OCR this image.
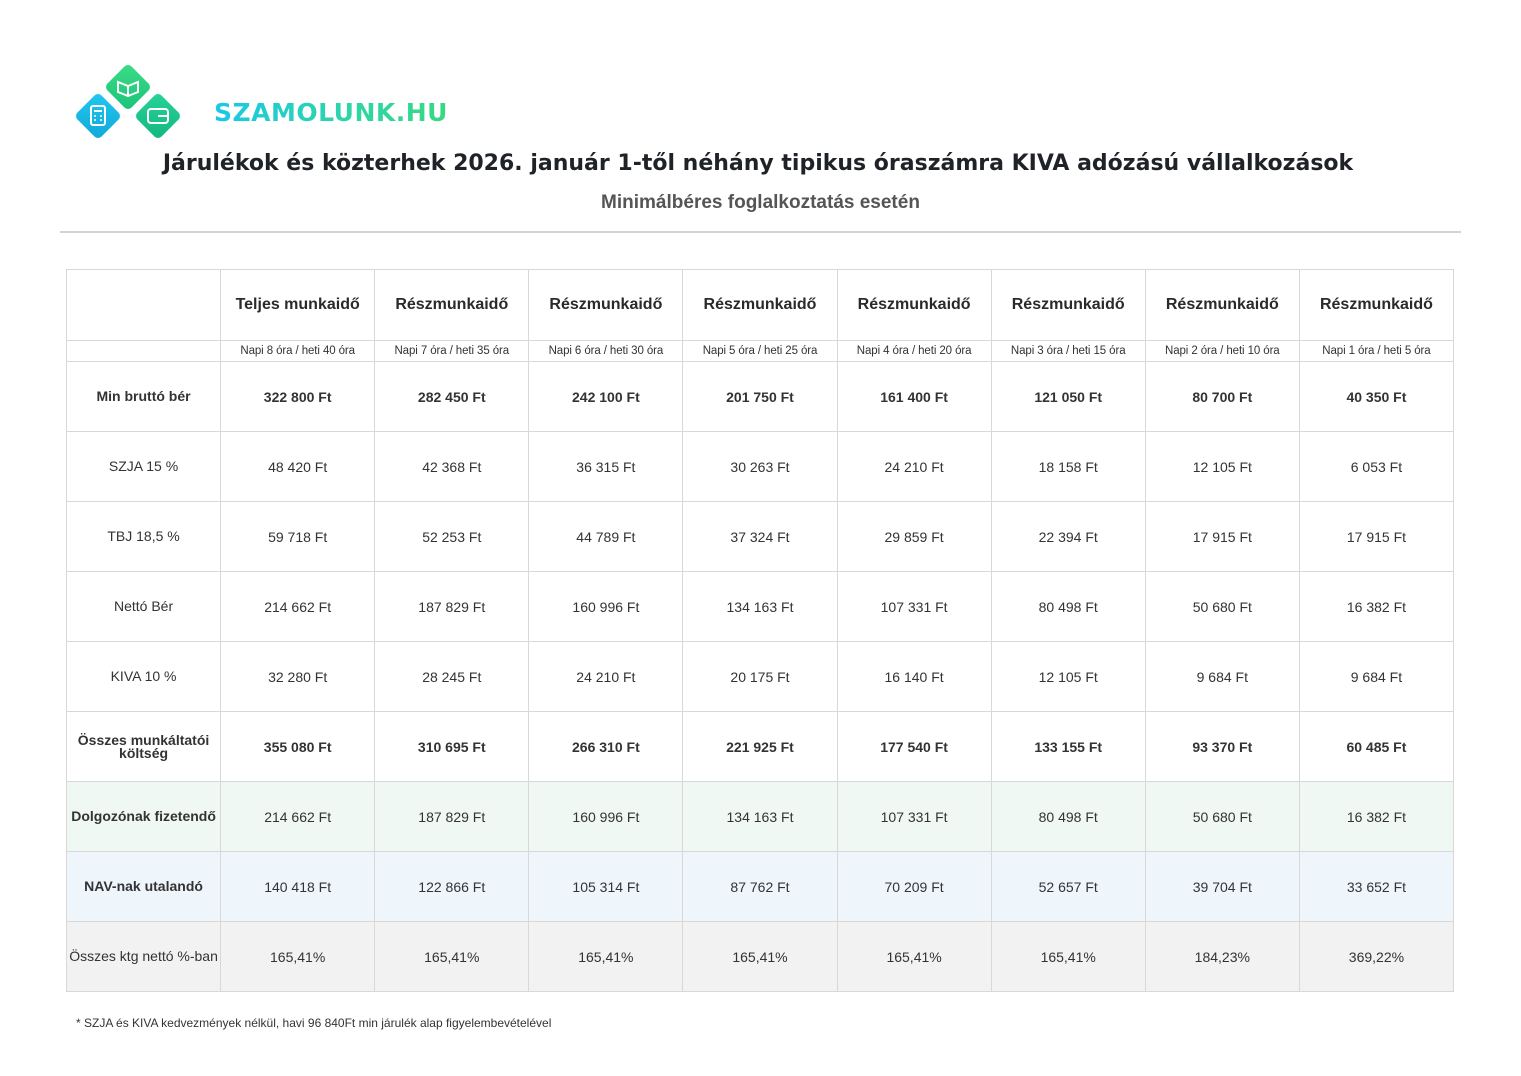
SZAMOLUNK.HU
Járulékok és közterhek 2026. január 1-től néhány tipikus óraszámra KIVA adózású vállalkozások
Minimálbéres foglalkoztatás esetén
	Teljes munkaidő	Részmunkaidő	Részmunkaidő	Részmunkaidő	Részmunkaidő	Részmunkaidő	Részmunkaidő	Részmunkaidő
	Napi 8 óra / heti 40 óra	Napi 7 óra / heti 35 óra	Napi 6 óra / heti 30 óra	Napi 5 óra / heti 25 óra	Napi 4 óra / heti 20 óra	Napi 3 óra / heti 15 óra	Napi 2 óra / heti 10 óra	Napi 1 óra / heti 5 óra
Min bruttó bér	322 800 Ft	282 450 Ft	242 100 Ft	201 750 Ft	161 400 Ft	121 050 Ft	80 700 Ft	40 350 Ft
SZJA 15 %	48 420 Ft	42 368 Ft	36 315 Ft	30 263 Ft	24 210 Ft	18 158 Ft	12 105 Ft	6 053 Ft
TBJ 18,5 %	59 718 Ft	52 253 Ft	44 789 Ft	37 324 Ft	29 859 Ft	22 394 Ft	17 915 Ft	17 915 Ft
Nettó Bér	214 662 Ft	187 829 Ft	160 996 Ft	134 163 Ft	107 331 Ft	80 498 Ft	50 680 Ft	16 382 Ft
KIVA 10 %	32 280 Ft	28 245 Ft	24 210 Ft	20 175 Ft	16 140 Ft	12 105 Ft	9 684 Ft	9 684 Ft
Összes munkáltatói költség	355 080 Ft	310 695 Ft	266 310 Ft	221 925 Ft	177 540 Ft	133 155 Ft	93 370 Ft	60 485 Ft
Dolgozónak fizetendő	214 662 Ft	187 829 Ft	160 996 Ft	134 163 Ft	107 331 Ft	80 498 Ft	50 680 Ft	16 382 Ft
NAV-nak utalandó	140 418 Ft	122 866 Ft	105 314 Ft	87 762 Ft	70 209 Ft	52 657 Ft	39 704 Ft	33 652 Ft
Összes ktg nettó %-ban	165,41%	165,41%	165,41%	165,41%	165,41%	165,41%	184,23%	369,22%
* SZJA és KIVA kedvezmények nélkül, havi 96 840Ft min járulék alap figyelembevételével
